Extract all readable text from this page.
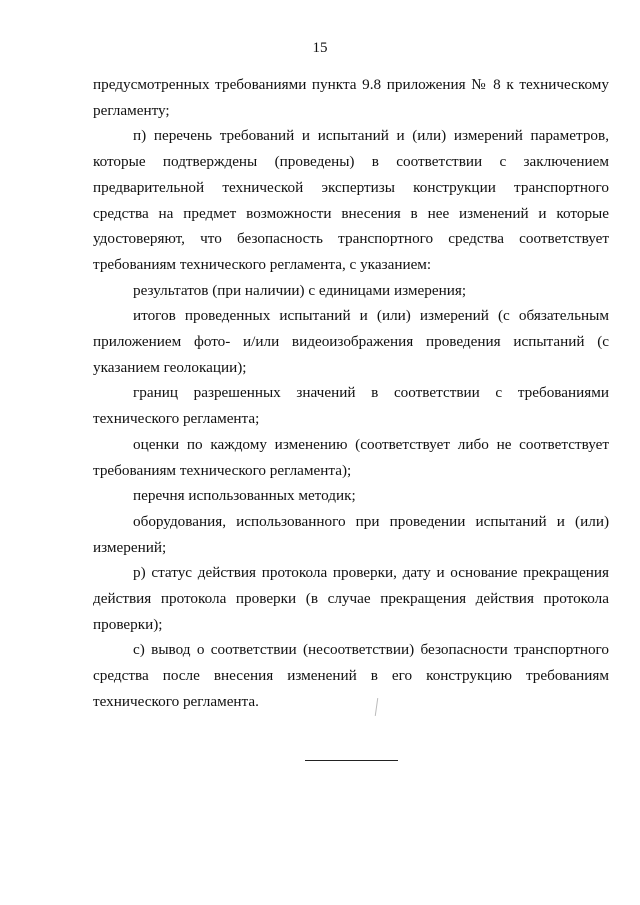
15

предусмотренных требованиями пункта 9.8 приложения № 8 к техническому регламенту;

п) перечень требований и испытаний и (или) измерений параметров, которые подтверждены (проведены) в соответствии с заключением предварительной технической экспертизы конструкции транспортного средства на предмет возможности внесения в нее изменений и которые удостоверяют, что безопасность транспортного средства соответствует требованиям технического регламента, с указанием:

результатов (при наличии) с единицами измерения;

итогов проведенных испытаний и (или) измерений (с обязательным приложением фото- и/или видеоизображения проведения испытаний (с указанием геолокации);

границ разрешенных значений в соответствии с требованиями технического регламента;

оценки по каждому изменению (соответствует либо не соответствует требованиям технического регламента);

перечня использованных методик;

оборудования, использованного при проведении испытаний и (или) измерений;

р) статус действия протокола проверки, дату и основание прекращения действия протокола проверки (в случае прекращения действия протокола проверки);

с) вывод о соответствии (несоответствии) безопасности транспортного средства после внесения изменений в его конструкцию требованиям технического регламента.
